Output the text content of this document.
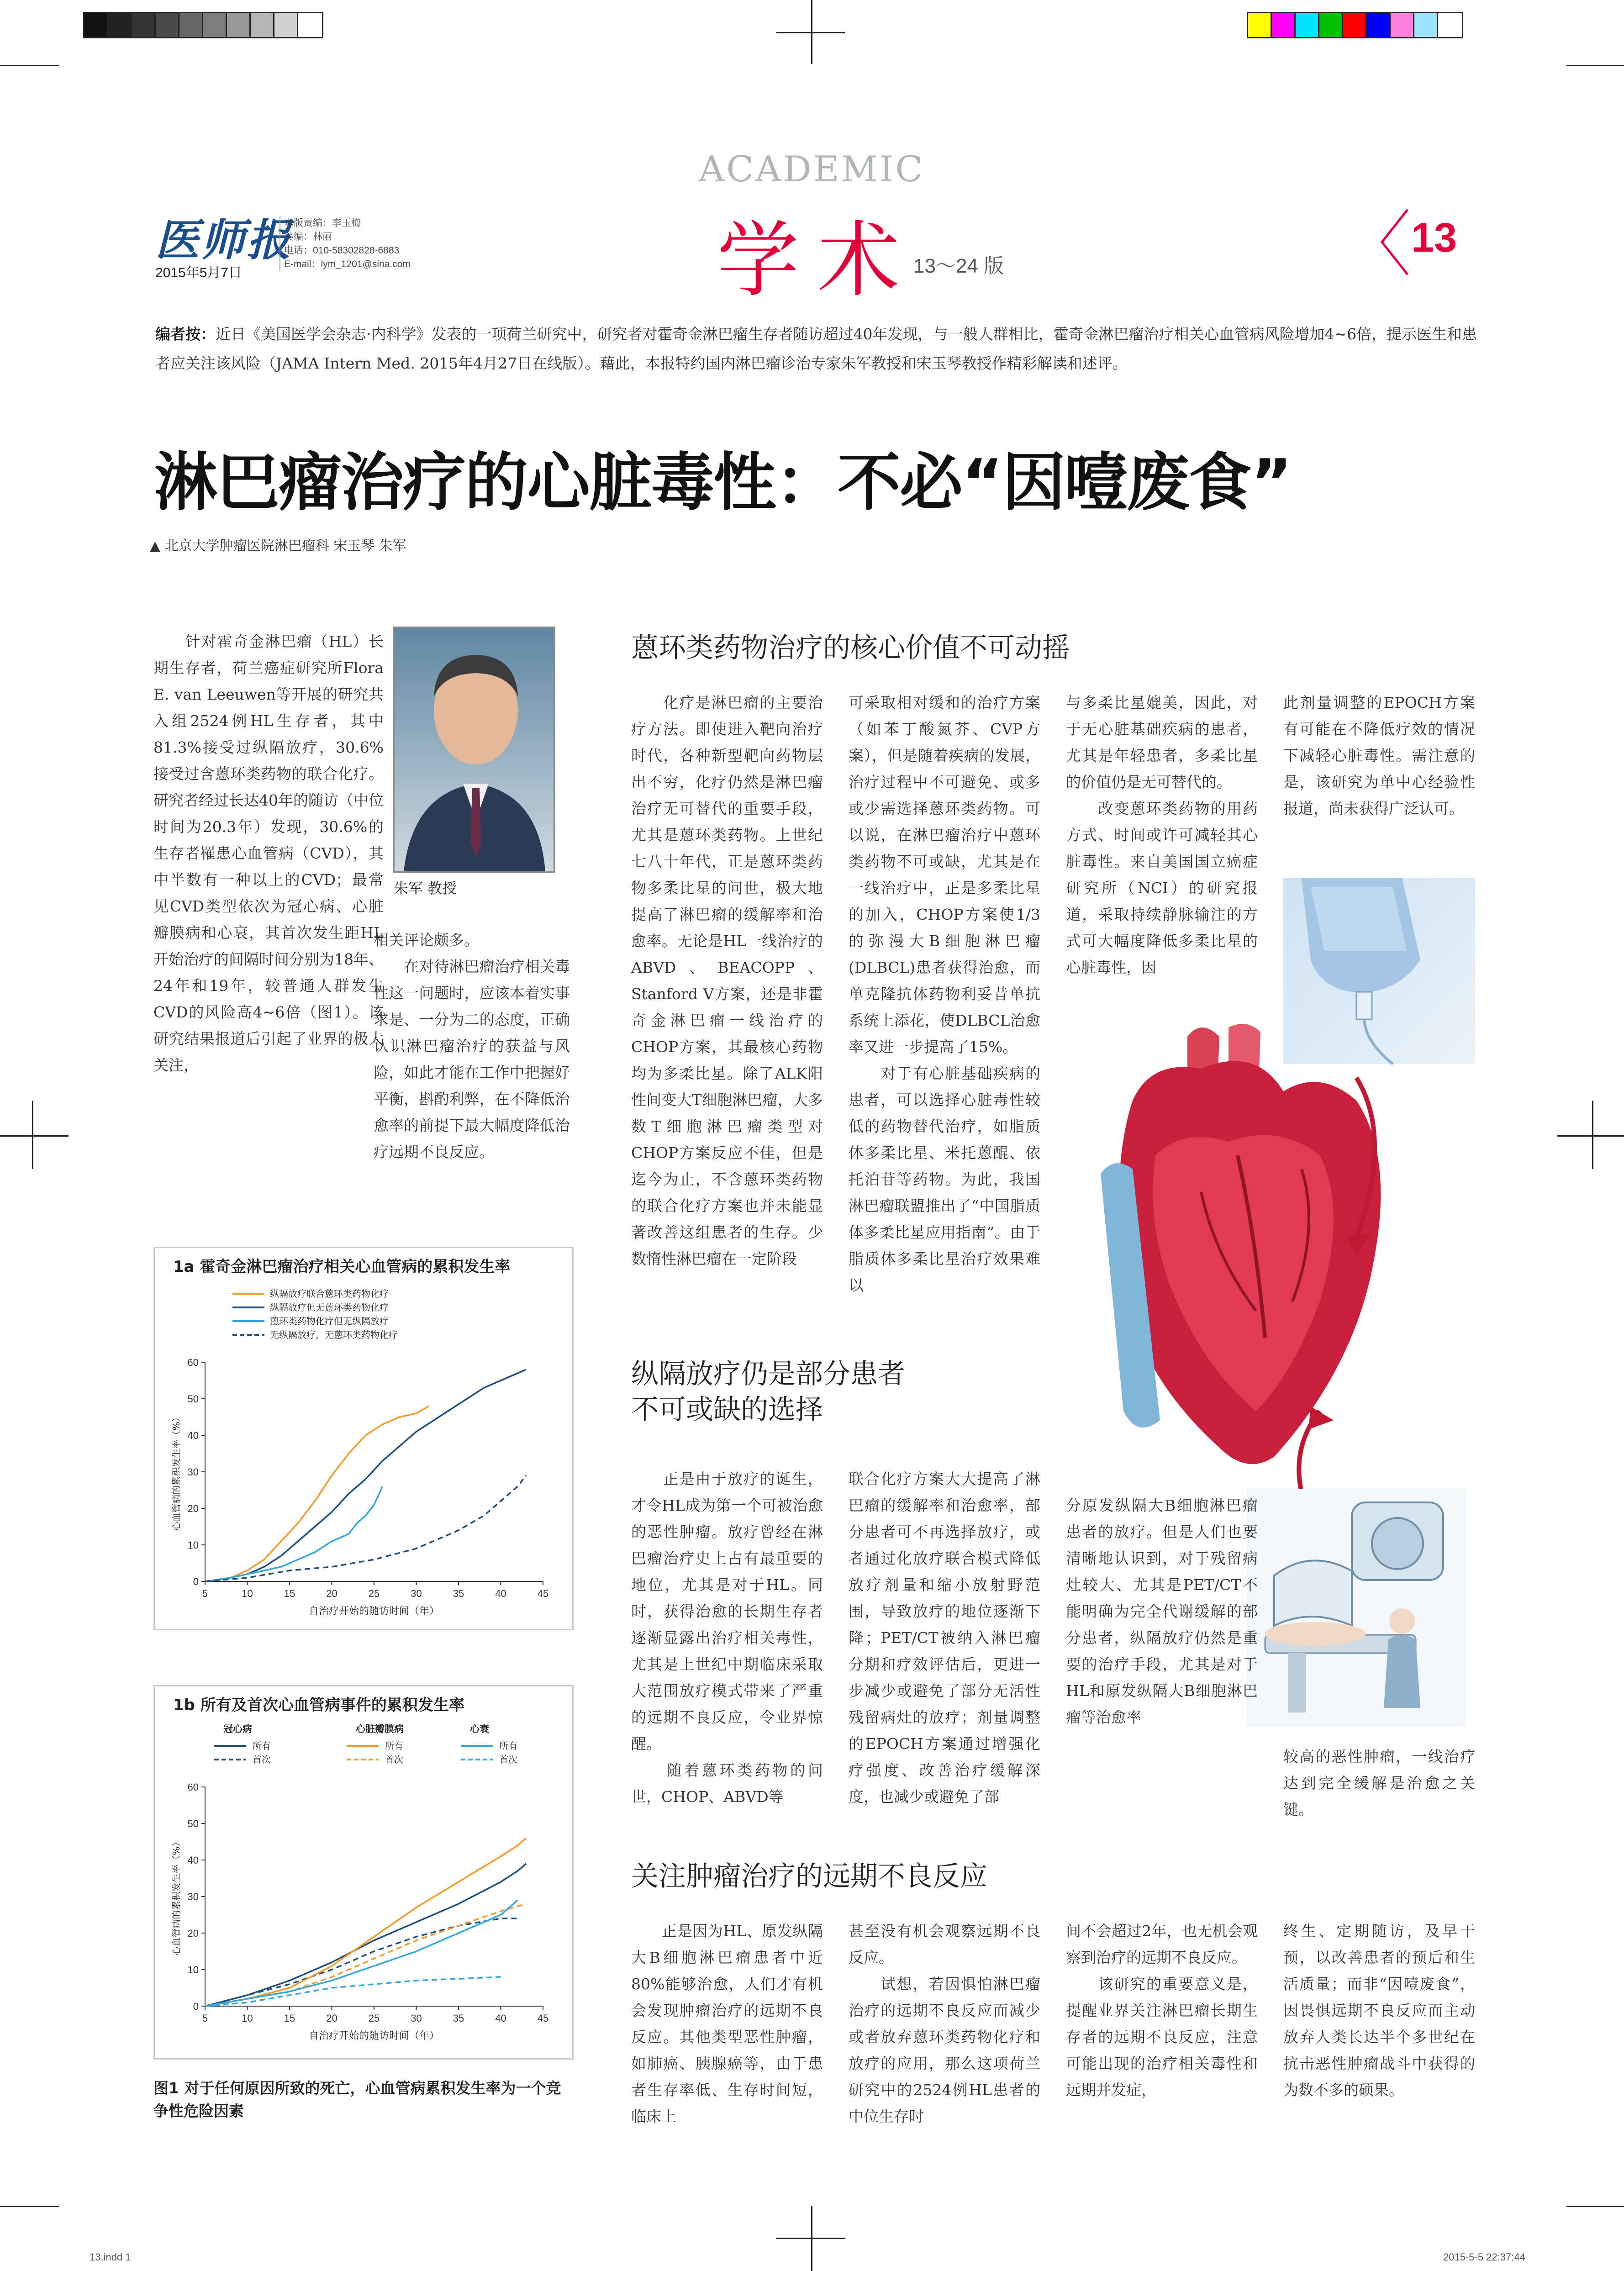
医师报
2015年5月7日
本版责编：李玉梅
美编：林丽
电话：010-58302828-6883
E-mail：lym_1201@sina.com
ACADEMIC
学术
13～24 版
13
编者按：近日《美国医学会杂志·内科学》发表的一项荷兰研究中，研究者对霍奇金淋巴瘤生存者随访超过40年发现，与一般人群相比，霍奇金淋巴瘤治疗相关心血管病风险增加4~6倍，提示医生和患者应关注该风险（JAMA Intern Med. 2015年4月27日在线版）。藉此，本报特约国内淋巴瘤诊治专家朱军教授和宋玉琴教授作精彩解读和述评。
淋巴瘤治疗的心脏毒性：不必“因噎废食”
▲ 北京大学肿瘤医院淋巴瘤科 宋玉琴 朱军
　　针对霍奇金淋巴瘤（HL）长期生存者，荷兰癌症研究所Flora E. van Leeuwen等开展的研究共入组2524例HL生存者，其中81.3%接受过纵隔放疗，30.6%接受过含蒽环类药物的联合化疗。研究者经过长达40年的随访（中位时间为20.3年）发现，30.6%的生存者罹患心血管病（CVD），其中半数有一种以上的CVD；最常见CVD类型依次为冠心病、心脏瓣膜病和心衰，其首次发生距HL开始治疗的间隔时间分别为18年、24年和19年，较普通人群发生CVD的风险高4~6倍（图1）。该研究结果报道后引起了业界的极大关注，
朱军 教授
相关评论颇多。
　　在对待淋巴瘤治疗相关毒性这一问题时，应该本着实事求是、一分为二的态度，正确认识淋巴瘤治疗的获益与风险，如此才能在工作中把握好平衡，斟酌利弊，在不降低治愈率的前提下最大幅度降低治疗远期不良反应。
蒽环类药物治疗的核心价值不可动摇
　　化疗是淋巴瘤的主要治疗方法。即使进入靶向治疗时代，各种新型靶向药物层出不穷，化疗仍然是淋巴瘤治疗无可替代的重要手段，尤其是蒽环类药物。上世纪七八十年代，正是蒽环类药物多柔比星的问世，极大地提高了淋巴瘤的缓解率和治愈率。无论是HL一线治疗的ABVD、BEACOPP、Stanford V方案，还是非霍奇金淋巴瘤一线治疗的CHOP方案，其最核心药物均为多柔比星。除了ALK阳性间变大T细胞淋巴瘤，大多数T细胞淋巴瘤类型对CHOP方案反应不佳，但是迄今为止，不含蒽环类药物的联合化疗方案也并未能显著改善这组患者的生存。少数惰性淋巴瘤在一定阶段
可采取相对缓和的治疗方案（如苯丁酸氮芥、CVP方案），但是随着疾病的发展，治疗过程中不可避免、或多或少需选择蒽环类药物。可以说，在淋巴瘤治疗中蒽环类药物不可或缺，尤其是在一线治疗中，正是多柔比星的加入，CHOP方案使1/3的弥漫大B细胞淋巴瘤(DLBCL)患者获得治愈，而单克隆抗体药物利妥昔单抗系统上添花，使DLBCL治愈率又进一步提高了15%。
　　对于有心脏基础疾病的患者，可以选择心脏毒性较低的药物替代治疗，如脂质体多柔比星、米托蒽醌、依托泊苷等药物。为此，我国淋巴瘤联盟推出了“中国脂质体多柔比星应用指南”。由于脂质体多柔比星治疗效果难以
与多柔比星媲美，因此，对于无心脏基础疾病的患者，尤其是年轻患者，多柔比星的价值仍是无可替代的。
　　改变蒽环类药物的用药方式、时间或许可减轻其心脏毒性。来自美国国立癌症研究所（NCI）的研究报道，采取持续静脉输注的方式可大幅度降低多柔比星的心脏毒性，因
此剂量调整的EPOCH方案有可能在不降低疗效的情况下减轻心脏毒性。需注意的是，该研究为单中心经验性报道，尚未获得广泛认可。
纵隔放疗仍是部分患者
不可或缺的选择
　　正是由于放疗的诞生，才令HL成为第一个可被治愈的恶性肿瘤。放疗曾经在淋巴瘤治疗史上占有最重要的地位，尤其是对于HL。同时，获得治愈的长期生存者逐渐显露出治疗相关毒性，尤其是上世纪中期临床采取大范围放疗模式带来了严重的远期不良反应，令业界惊醒。
　　随着蒽环类药物的问世，CHOP、ABVD等
联合化疗方案大大提高了淋巴瘤的缓解率和治愈率，部分患者可不再选择放疗，或者通过化放疗联合模式降低放疗剂量和缩小放射野范围，导致放疗的地位逐渐下降；PET/CT被纳入淋巴瘤分期和疗效评估后，更进一步减少或避免了部分无活性残留病灶的放疗；剂量调整的EPOCH方案通过增强化疗强度、改善治疗缓解深度，也减少或避免了部
分原发纵隔大B细胞淋巴瘤患者的放疗。但是人们也要清晰地认识到，对于残留病灶较大、尤其是PET/CT不能明确为完全代谢缓解的部分患者，纵隔放疗仍然是重要的治疗手段，尤其是对于HL和原发纵隔大B细胞淋巴瘤等治愈率
较高的恶性肿瘤，一线治疗达到完全缓解是治愈之关键。
关注肿瘤治疗的远期不良反应
　　正是因为HL、原发纵隔大B细胞淋巴瘤患者中近80%能够治愈，人们才有机会发现肿瘤治疗的远期不良反应。其他类型恶性肿瘤，如肺癌、胰腺癌等，由于患者生存率低、生存时间短，临床上
甚至没有机会观察远期不良反应。
　　试想，若因惧怕淋巴瘤治疗的远期不良反应而减少或者放弃蒽环类药物化疗和放疗的应用，那么这项荷兰研究中的2524例HL患者的中位生存时
间不会超过2年，也无机会观察到治疗的远期不良反应。
　　该研究的重要意义是，提醒业界关注淋巴瘤长期生存者的远期不良反应，注意可能出现的治疗相关毒性和远期并发症，
终生、定期随访，及早干预，以改善患者的预后和生活质量；而非“因噎废食”，因畏惧远期不良反应而主动放弃人类长达半个多世纪在抗击恶性肿瘤战斗中获得的为数不多的硕果。
1a 霍奇金淋巴瘤治疗相关心血管病的累积发生率
0
10
20
30
40
50
60
5	10	15	20	25	30	35	40	45
自治疗开始的随访时间（年）
心血管病的累积发生率（%）
纵隔放疗联合蒽环类药物化疗
纵隔放疗但无蒽环类药物化疗
蒽环类药物化疗但无纵隔放疗
无纵隔放疗，无蒽环类药物化疗
1b 所有及首次心血管病事件的累积发生率
0
10
20
30
40
50
60
5	10	15	20	25	30	35	40	45
自治疗开始的随访时间（年）
心血管病的累积发生率（%）
冠心病
所有
首次
心脏瓣膜病
所有
首次
心衰
所有
首次
图1 对于任何原因所致的死亡，心血管病累积发生率为一个竞争性危险因素
13.indd 1	2015-5-5 22:37:44
